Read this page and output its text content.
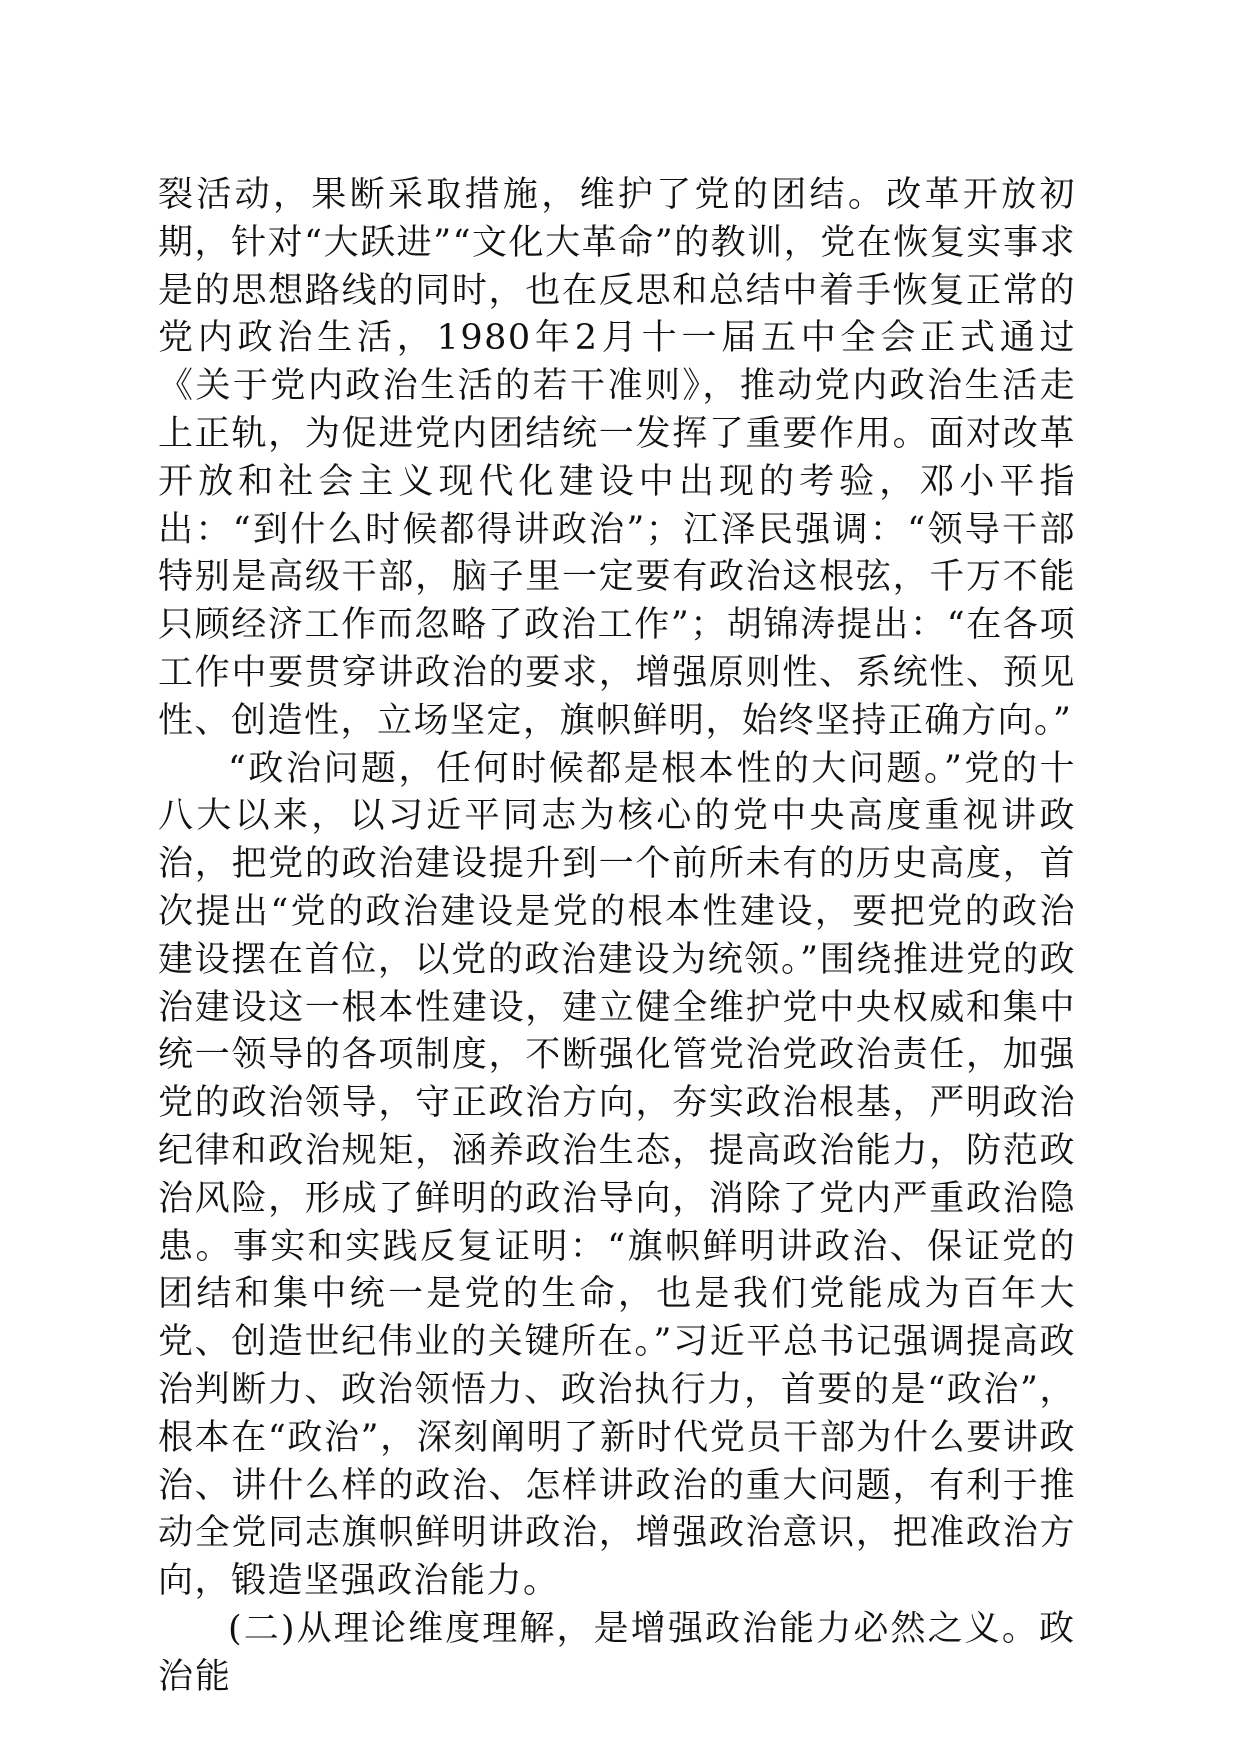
裂活动，果断采取措施，维护了党的团结。改革开放初期，针对“大跃进”“文化大革命”的教训，党在恢复实事求是的思想路线的同时，也在反思和总结中着手恢复正常的党内政治生活，1980年2月十一届五中全会正式通过《关于党内政治生活的若干准则》，推动党内政治生活走上正轨，为促进党内团结统一发挥了重要作用。面对改革开放和社会主义现代化建设中出现的考验，邓小平指出：“到什么时候都得讲政治”；江泽民强调：“领导干部特别是高级干部，脑子里一定要有政治这根弦，千万不能只顾经济工作而忽略了政治工作”；胡锦涛提出：“在各项工作中要贯穿讲政治的要求，增强原则性、系统性、预见性、创造性，立场坚定，旗帜鲜明，始终坚持正确方向。”

“政治问题，任何时候都是根本性的大问题。”党的十八大以来，以习近平同志为核心的党中央高度重视讲政治，把党的政治建设提升到一个前所未有的历史高度，首次提出“党的政治建设是党的根本性建设，要把党的政治建设摆在首位，以党的政治建设为统领。”围绕推进党的政治建设这一根本性建设，建立健全维护党中央权威和集中统一领导的各项制度，不断强化管党治党政治责任，加强党的政治领导，守正政治方向，夯实政治根基，严明政治纪律和政治规矩，涵养政治生态，提高政治能力，防范政治风险，形成了鲜明的政治导向，消除了党内严重政治隐患。事实和实践反复证明：“旗帜鲜明讲政治、保证党的团结和集中统一是党的生命，也是我们党能成为百年大党、创造世纪伟业的关键所在。”习近平总书记强调提高政治判断力、政治领悟力、政治执行力，首要的是“政治”，根本在“政治”，深刻阐明了新时代党员干部为什么要讲政治、讲什么样的政治、怎样讲政治的重大问题，有利于推动全党同志旗帜鲜明讲政治，增强政治意识，把准政治方向，锻造坚强政治能力。

(二)从理论维度理解，是增强政治能力必然之义。政治能
